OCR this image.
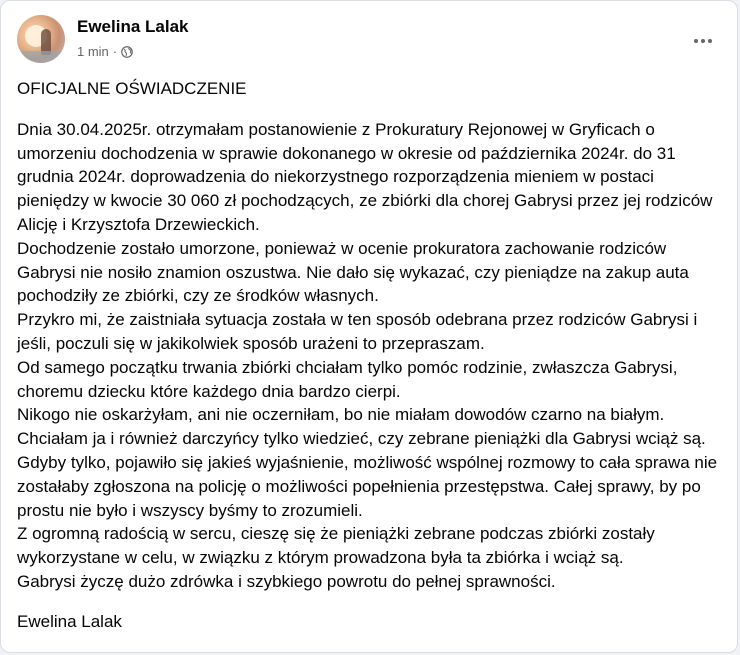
Ewelina Lalak
1 min ·

OFICJALNE OŚWIADCZENIE

Dnia 30.04.2025r. otrzymałam postanowienie z Prokuratury Rejonowej w Gryficach o umorzeniu dochodzenia w sprawie dokonanego w okresie od października 2024r. do 31 grudnia 2024r. doprowadzenia do niekorzystnego rozporządzenia mieniem w postaci pieniędzy w kwocie 30 060 zł pochodzących, ze zbiórki dla chorej Gabrysi przez jej rodziców Alicję i Krzysztofa Drzewieckich.
Dochodzenie zostało umorzone, ponieważ w ocenie prokuratora zachowanie rodziców Gabrysi nie nosiło znamion oszustwa. Nie dało się wykazać, czy pieniądze na zakup auta pochodziły ze zbiórki, czy ze środków własnych.
Przykro mi, że zaistniała sytuacja została w ten sposób odebrana przez rodziców Gabrysi i jeśli, poczuli się w jakikolwiek sposób urażeni to przepraszam.
Od samego początku trwania zbiórki chciałam tylko pomóc rodzinie, zwłaszcza Gabrysi, choremu dziecku które każdego dnia bardzo cierpi.
Nikogo nie oskarżyłam, ani nie oczerniłam, bo nie miałam dowodów czarno na białym. Chciałam ja i również darczyńcy tylko wiedzieć, czy zebrane pieniążki dla Gabrysi wciąż są. Gdyby tylko, pojawiło się jakieś wyjaśnienie, możliwość wspólnej rozmowy to cała sprawa nie zostałaby zgłoszona na policję o możliwości popełnienia przestępstwa. Całej sprawy, by po prostu nie było i wszyscy byśmy to zrozumieli.
Z ogromną radością w sercu, cieszę się że pieniążki zebrane podczas zbiórki zostały wykorzystane w celu, w związku z którym prowadzona była ta zbiórka i wciąż są.
Gabrysi życzę dużo zdrówka i szybkiego powrotu do pełnej sprawności.

Ewelina Lalak
